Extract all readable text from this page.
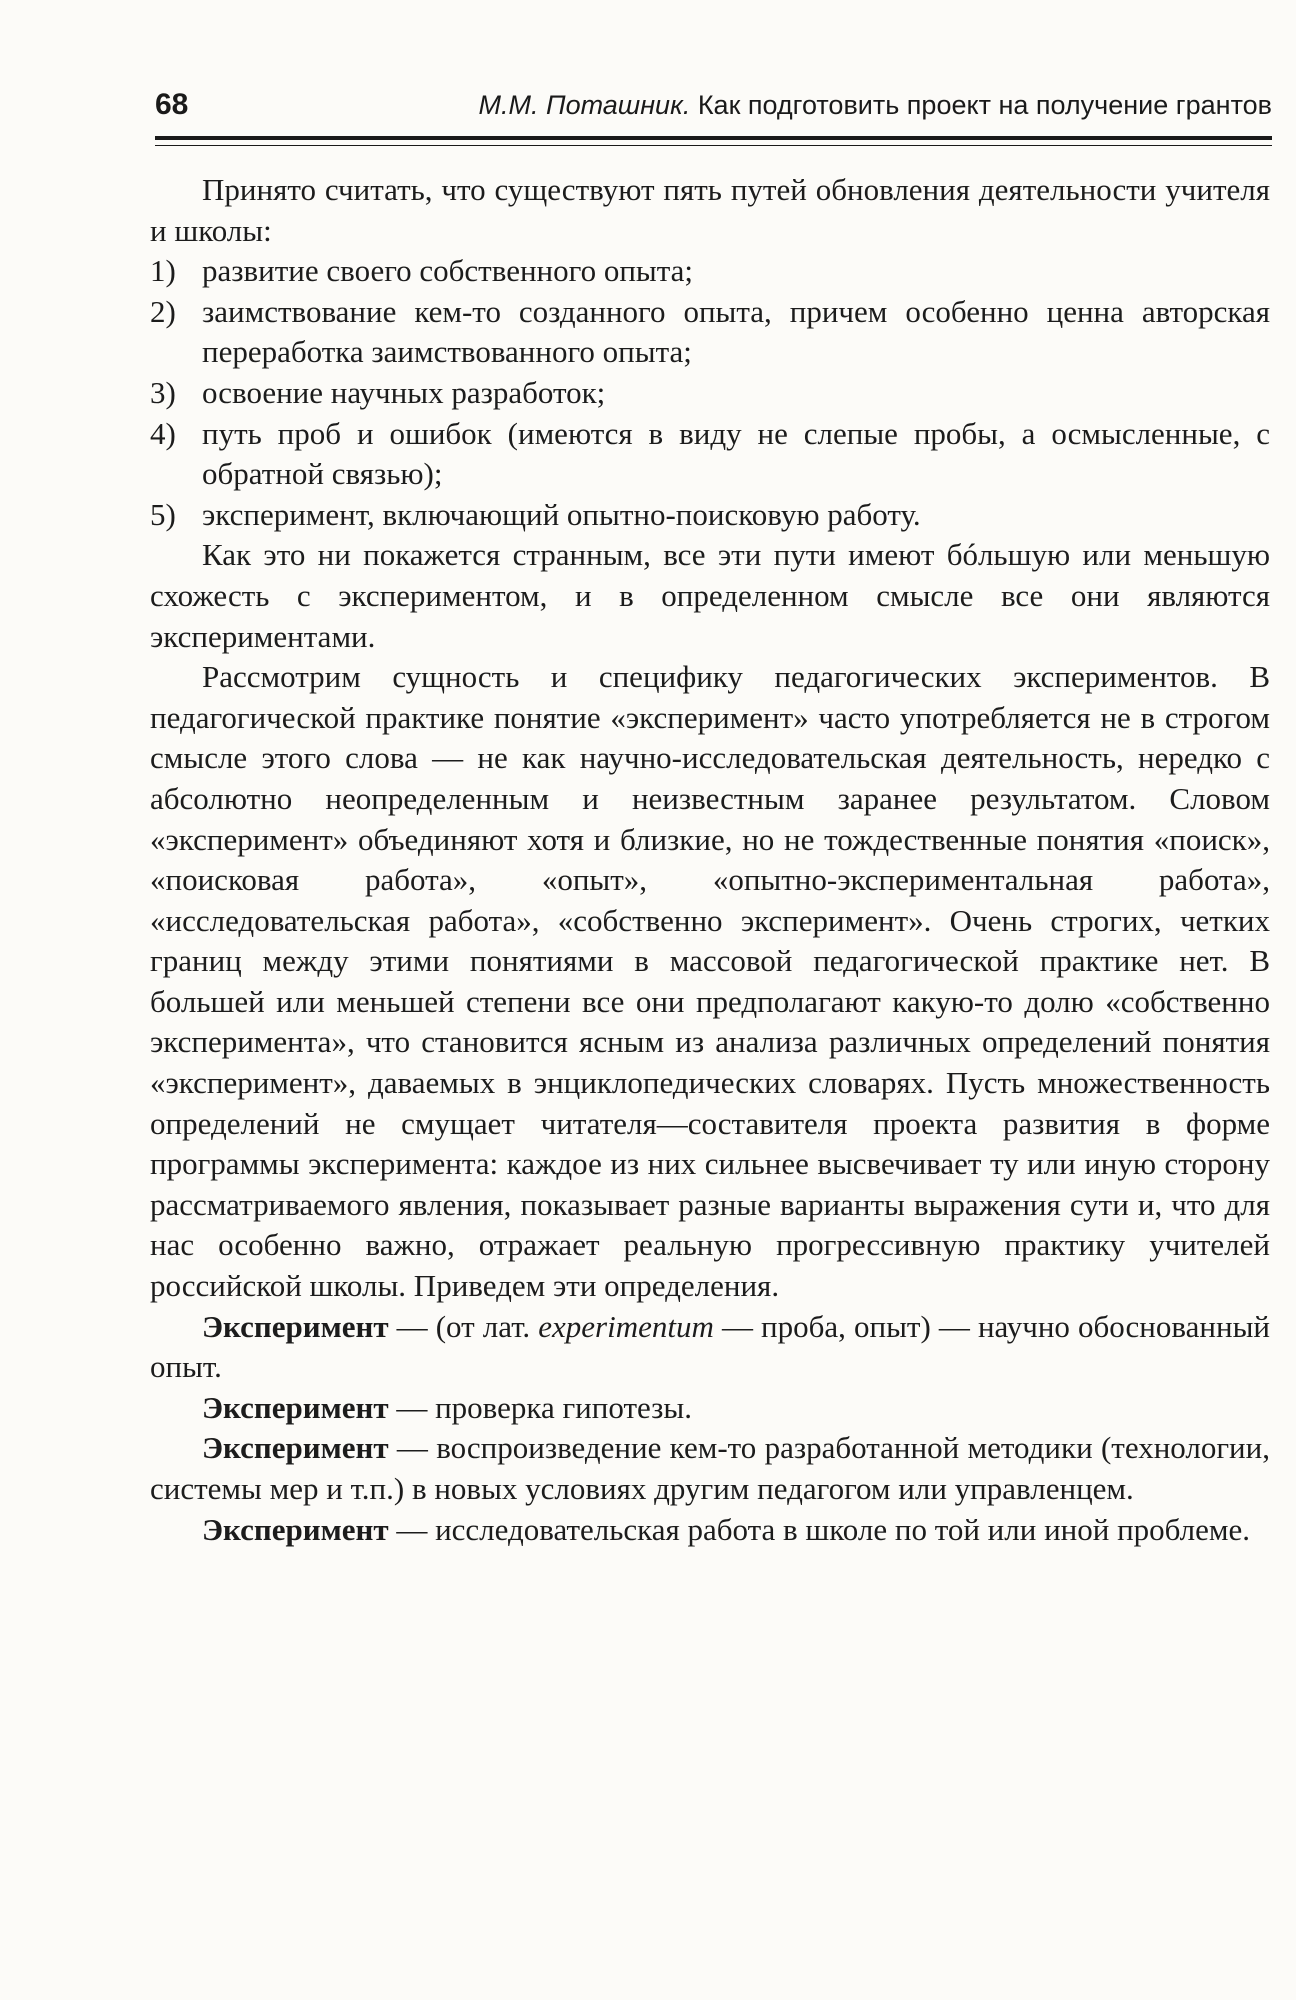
68	М.М. Поташник. Как подготовить проект на получение грантов

Принято считать, что существуют пять путей обновления деятельности учителя и школы:

1) развитие своего собственного опыта;
2) заимствование кем-то созданного опыта, причем особенно ценна авторская переработка заимствованного опыта;
3) освоение научных разработок;
4) путь проб и ошибок (имеются в виду не слепые пробы, а осмысленные, с обратной связью);
5) эксперимент, включающий опытно-поисковую работу.

Как это ни покажется странным, все эти пути имеют бóльшую или меньшую схожесть с экспериментом, и в определенном смысле все они являются экспериментами.

Рассмотрим сущность и специфику педагогических экспериментов. В педагогической практике понятие «эксперимент» часто употребляется не в строгом смысле этого слова — не как научно-исследовательская деятельность, нередко с абсолютно неопределенным и неизвестным заранее результатом. Словом «эксперимент» объединяют хотя и близкие, но не тождественные понятия «поиск», «поисковая работа», «опыт», «опытно-экспериментальная работа», «исследовательская работа», «собственно эксперимент». Очень строгих, четких границ между этими понятиями в массовой педагогической практике нет. В большей или меньшей степени все они предполагают какую-то долю «собственно эксперимента», что становится ясным из анализа различных определений понятия «эксперимент», даваемых в энциклопедических словарях. Пусть множественность определений не смущает читателя—составителя проекта развития в форме программы эксперимента: каждое из них сильнее высвечивает ту или иную сторону рассматриваемого явления, показывает разные варианты выражения сути и, что для нас особенно важно, отражает реальную прогрессивную практику учителей российской школы. Приведем эти определения.

Эксперимент — (от лат. experimentum — проба, опыт) — научно обоснованный опыт.

Эксперимент — проверка гипотезы.

Эксперимент — воспроизведение кем-то разработанной методики (технологии, системы мер и т.п.) в новых условиях другим педагогом или управленцем.

Эксперимент — исследовательская работа в школе по той или иной проблеме.
